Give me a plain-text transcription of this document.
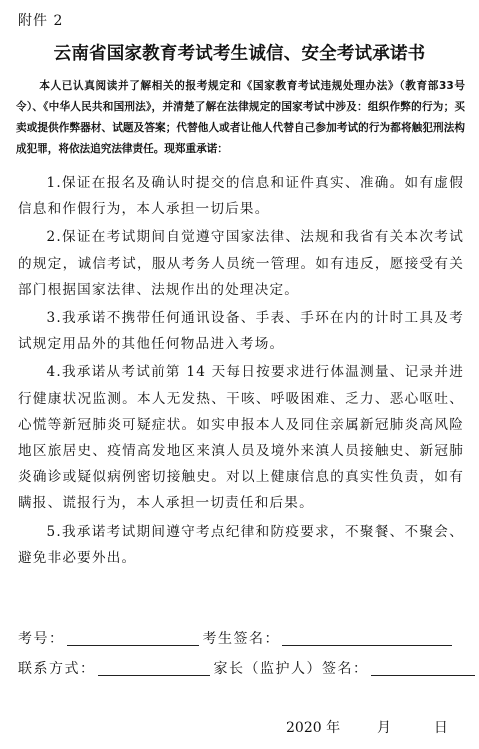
附件 2
云南省国家教育考试考生诚信、安全考试承诺书

本人已认真阅读并了解相关的报考规定和《国家教育考试违规处理办法》（教育部33号令）、《中华人民共和国刑法》，并清楚了解在法律规定的国家考试中涉及：组织作弊的行为；买卖或提供作弊器材、试题及答案；代替他人或者让他人代替自己参加考试的行为都将触犯刑法构成犯罪，将依法追究法律责任。现郑重承诺：

1.保证在报名及确认时提交的信息和证件真实、准确。如有虚假信息和作假行为，本人承担一切后果。

2.保证在考试期间自觉遵守国家法律、法规和我省有关本次考试的规定，诚信考试，服从考务人员统一管理。如有违反，愿接受有关部门根据国家法律、法规作出的处理决定。

3.我承诺不携带任何通讯设备、手表、手环在内的计时工具及考试规定用品外的其他任何物品进入考场。

4.我承诺从考试前第 14 天每日按要求进行体温测量、记录并进行健康状况监测。本人无发热、干咳、呼吸困难、乏力、恶心呕吐、心慌等新冠肺炎可疑症状。如实申报本人及同住亲属新冠肺炎高风险地区旅居史、疫情高发地区来滇人员及境外来滇人员接触史、新冠肺炎确诊或疑似病例密切接触史。对以上健康信息的真实性负责，如有瞒报、谎报行为，本人承担一切责任和后果。

5.我承诺考试期间遵守考点纪律和防疫要求，不聚餐、不聚会、避免非必要外出。

考号：	考生签名：
联系方式：	家长（监护人）签名：
2020 年	月	日
